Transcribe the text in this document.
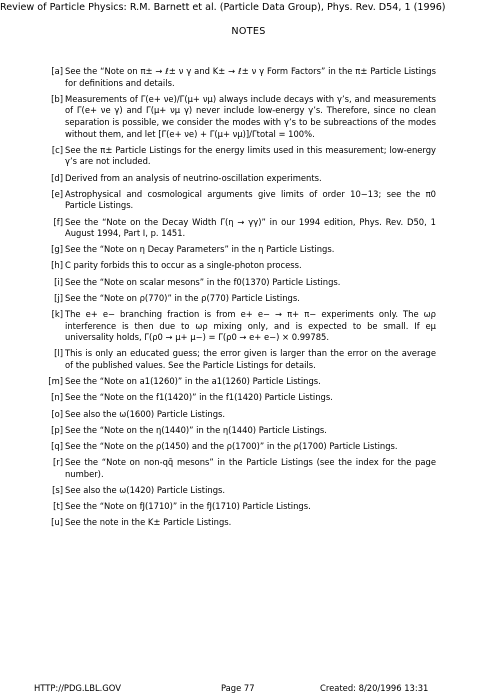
Review of Particle Physics: R.M. Barnett et al. (Particle Data Group), Phys. Rev. D54, 1 (1996)
NOTES
[a] See the “Note on π± → ℓ± ν γ and K± → ℓ± ν γ Form Factors” in the π± Particle Listings for definitions and details.
[b] Measurements of Γ(e+ νe)/Γ(μ+ νμ) always include decays with γ’s, and measurements of Γ(e+ νe γ) and Γ(μ+ νμ γ) never include low-energy γ’s. Therefore, since no clean separation is possible, we consider the modes with γ’s to be subreactions of the modes without them, and let [Γ(e+ νe) + Γ(μ+ νμ)]/Γtotal = 100%.
[c] See the π± Particle Listings for the energy limits used in this measurement; low-energy γ’s are not included.
[d] Derived from an analysis of neutrino-oscillation experiments.
[e] Astrophysical and cosmological arguments give limits of order 10−13; see the π0 Particle Listings.
[f] See the “Note on the Decay Width Γ(η → γγ)” in our 1994 edition, Phys. Rev. D50, 1 August 1994, Part I, p. 1451.
[g] See the “Note on η Decay Parameters” in the η Particle Listings.
[h] C parity forbids this to occur as a single-photon process.
[i] See the “Note on scalar mesons” in the f0(1370) Particle Listings.
[j] See the “Note on ρ(770)” in the ρ(770) Particle Listings.
[k] The e+ e− branching fraction is from e+ e− → π+ π− experiments only. The ωρ interference is then due to ωρ mixing only, and is expected to be small. If eμ universality holds, Γ(ρ0 → μ+ μ−) = Γ(ρ0 → e+ e−) × 0.99785.
[l] This is only an educated guess; the error given is larger than the error on the average of the published values. See the Particle Listings for details.
[m] See the “Note on a1(1260)” in the a1(1260) Particle Listings.
[n] See the “Note on the f1(1420)” in the f1(1420) Particle Listings.
[o] See also the ω(1600) Particle Listings.
[p] See the “Note on the η(1440)” in the η(1440) Particle Listings.
[q] See the “Note on the ρ(1450) and the ρ(1700)” in the ρ(1700) Particle Listings.
[r] See the “Note on non-qq̄ mesons” in the Particle Listings (see the index for the page number).
[s] See also the ω(1420) Particle Listings.
[t] See the “Note on fJ(1710)” in the fJ(1710) Particle Listings.
[u] See the note in the K± Particle Listings.
HTTP://PDG.LBL.GOV	Page 77	Created: 8/20/1996 13:31
